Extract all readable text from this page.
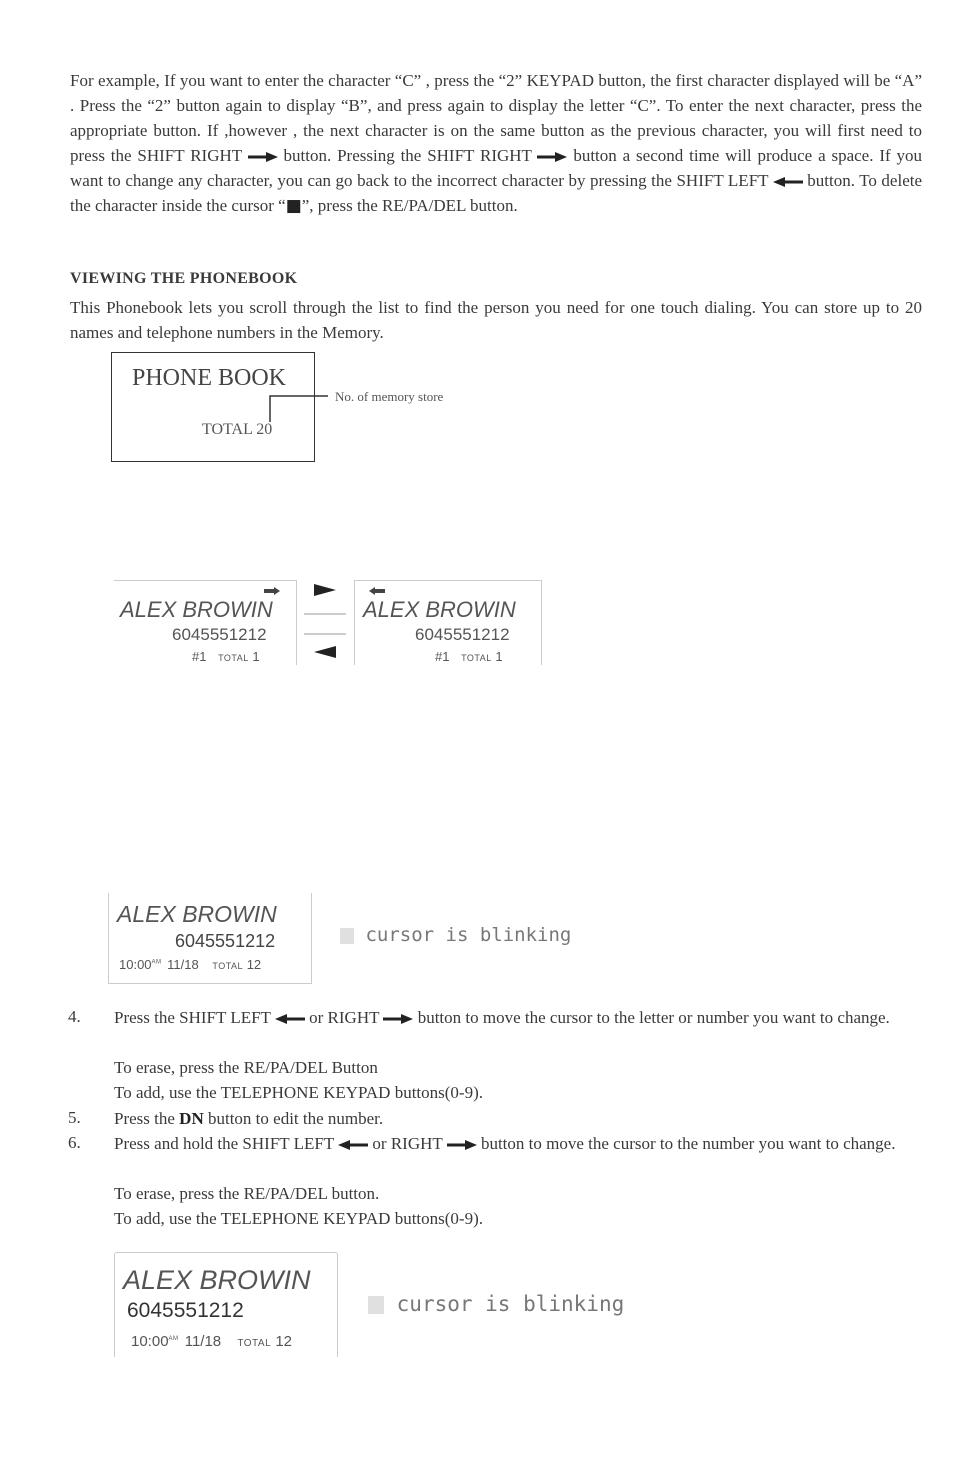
For example, If you want to enter the character “C” , press the “2” KEYPAD button, the first character displayed will be “A” . Press the “2” button again to display “B”, and press again to display the letter “C”. To enter the next character, press the appropriate button. If ,however , the next character is on the same button as the previous character, you will first need to press the SHIFT RIGHT button. Pressing the SHIFT RIGHT button a second time will produce a space. If you want to change any character, you can go back to the incorrect character by pressing the SHIFT LEFT button. To delete the character inside the cursor “■”, press the RE/PA/DEL button.
VIEWING THE PHONEBOOK
This Phonebook lets you scroll through the list to find the person you need for one touch dialing. You can store up to 20 names and telephone numbers in the Memory.
PHONE BOOK
TOTAL 20
No. of memory store
ALEX BROWIN
6045551212
#1 TOTAL 1
ALEX BROWIN
6045551212
#1 TOTAL 1
ALEX BROWIN
6045551212
$10:00^{AM}$ 11/18 TOTAL 12
cursor is blinking
4. Press the SHIFT LEFT or RIGHT button to move the cursor to the letter or number you want to change.
To erase, press the RE/PA/DEL Button
To add, use the TELEPHONE KEYPAD buttons(0-9).
5. Press the DN button to edit the number.
6. Press and hold the SHIFT LEFT or RIGHT button to move the cursor to the number you want to change.
To erase, press the RE/PA/DEL button.
To add, use the TELEPHONE KEYPAD buttons(0-9).
ALEX BROWIN
6045551212
$10:00^{AM}$ 11/18 TOTAL 12
cursor is blinking
